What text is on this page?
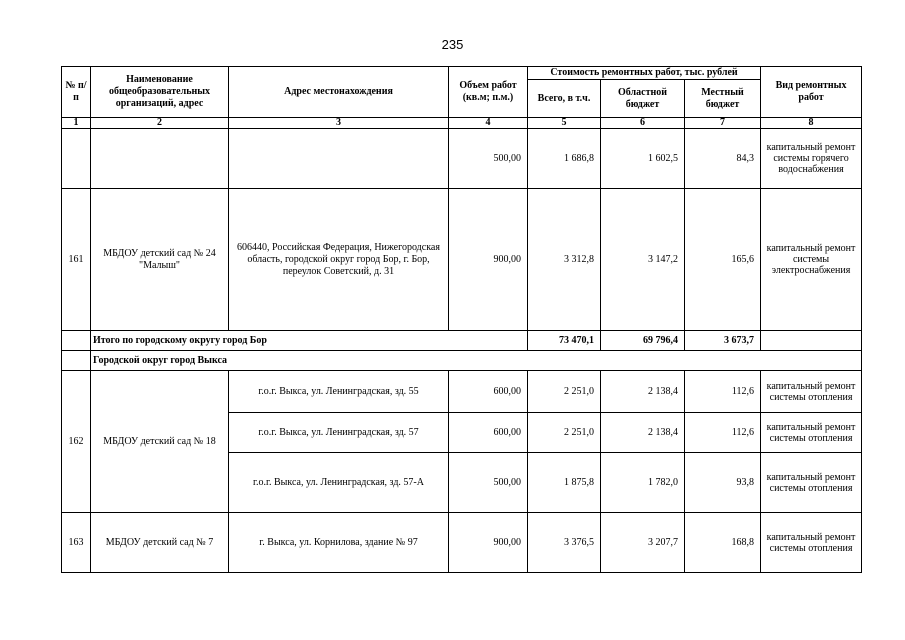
235
№ п/п	Наименование общеобразовательных организаций, адрес	Адрес местонахождения	Объем работ (кв.м; п.м.)	Стоимость ремонтных работ, тыс. рублей			Вид ремонтных работ
				Всего, в т.ч.	Областной бюджет	Местный бюджет	
1	2	3	4	5	6	7	8
			500,00	1 686,8	1 602,5	84,3	капитальный ремонт системы горячего водоснабжения
161	МБДОУ детский сад № 24 "Малыш"	606440, Российская Федерация, Нижегородская область, городской округ город Бор, г. Бор, переулок Советский, д. 31	900,00	3 312,8	3 147,2	165,6	капитальный ремонт системы электроснабжения
	Итого по городскому округу город Бор			73 470,1	69 796,4	3 673,7	
	Городской округ город Выкса						
162	МБДОУ детский сад № 18	г.о.г. Выкса, ул. Ленинградская, зд. 55	600,00	2 251,0	2 138,4	112,6	капитальный ремонт системы отопления
		г.о.г. Выкса, ул. Ленинградская, зд. 57	600,00	2 251,0	2 138,4	112,6	капитальный ремонт системы отопления
		г.о.г. Выкса, ул. Ленинградская, зд. 57-А	500,00	1 875,8	1 782,0	93,8	капитальный ремонт системы отопления
163	МБДОУ детский сад № 7	г. Выкса, ул. Корнилова, здание № 97	900,00	3 376,5	3 207,7	168,8	капитальный ремонт системы отопления
